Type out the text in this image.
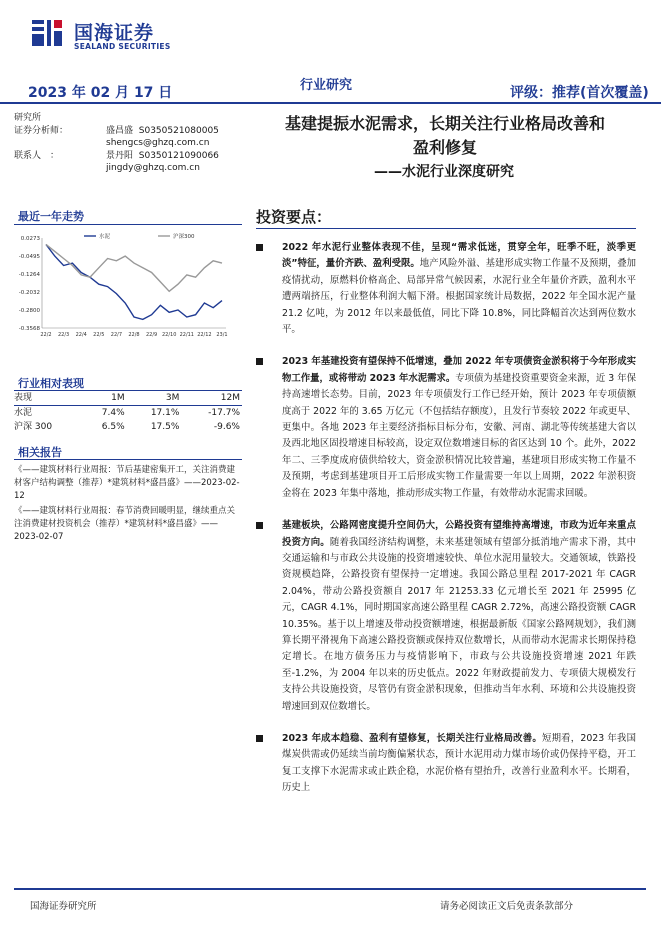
国海证券
SEALAND SECURITIES
2023 年 02 月 17 日	行业研究	评级：推荐(首次覆盖)
研究所
证券分析师：	盛昌盛 S0350521080005
shengcs@ghzq.com.cn
联系人　：	景丹阳 S0350121090066
jingdy@ghzq.com.cn
基建提振水泥需求，长期关注行业格局改善和
盈利修复
——水泥行业深度研究
最近一年走势
0.0273
-0.0495
-0.1264
-0.2032
-0.2800
-0.3568
22/2 22/3 22/4 22/5 22/7 22/8 22/9 22/10 22/11 22/12 23/1
水泥	沪深300
行业相对表现
表现	1M	3M	12M
水泥	7.4%	17.1%	-17.7%
沪深 300	6.5%	17.5%	-9.6%
相关报告
《——建筑材料行业周报：节后基建密集开工，关注消费建材客户结构调整（推荐）*建筑材料*盛昌盛》——2023-02-12
《——建筑材料行业周报：春节消费回暖明显，继续重点关注消费建材投资机会（推荐）*建筑材料*盛昌盛》——2023-02-07
投资要点：
2022 年水泥行业整体表现不佳，呈现“需求低迷，贯穿全年，旺季不旺，淡季更淡”特征，量价齐跌、盈利受限。地产风险外溢、基建形成实物工作量不及预期，叠加疫情扰动，原燃料价格高企、局部异常气候因素，水泥行业全年量价齐跌，盈利水平遭两端挤压，行业整体利润大幅下滑。根据国家统计局数据，2022 年全国水泥产量 21.2 亿吨，为 2012 年以来最低值，同比下降 10.8%，同比降幅首次达到两位数水平。
2023 年基建投资有望保持不低增速，叠加 2022 年专项债资金淤积将于今年形成实物工作量，或将带动 2023 年水泥需求。专项债为基建投资重要资金来源，近 3 年保持高速增长态势。目前，2023 年专项债发行工作已经开始，预计 2023 年专项债额度高于 2022 年的 3.65 万亿元（不包括结存额度），且发行节奏较 2022 年或更早、更集中。各地 2023 年主要经济指标目标分布，安徽、河南、湖北等传统基建大省以及西北地区固投增速目标较高，设定双位数增速目标的省区达到 10 个。此外，2022 年二、三季度成府债供给较大，资金淤积情况比较普遍，基建项目形成实物工作量不及预期，考虑到基建项目开工后形成实物工作量需要一年以上周期，2022 年淤积资金将在 2023 年集中落地，推动形成实物工作量，有效带动水泥需求回暖。
基建板块，公路网密度提升空间仍大，公路投资有望维持高增速，市政为近年来重点投资方向。随着我国经济结构调整，未来基建领域有望部分抵消地产需求下滑，其中交通运输和与市政公共设施的投资增速较快、单位水泥用量较大。交通领域，铁路投资规模趋降，公路投资有望保持一定增速。我国公路总里程 2017-2021 年 CAGR 2.04%，带动公路投资额自 2017 年 21253.33 亿元增长至 2021 年 25995 亿元，CAGR 4.1%，同时期国家高速公路里程 CAGR 2.72%，高速公路投资额 CAGR 10.35%。基于以上增速及带动投资额增速，根据最新版《国家公路网规划》，我们测算长期平滑视角下高速公路投资额或保持双位数增长，从而带动水泥需求长期保持稳定增长。在地方债务压力与疫情影响下，市政与公共设施投资增速 2021 年跌至-1.2%，为 2004 年以来的历史低点。2022 年财政提前发力、专项债大规模发行支持公共设施投资，尽管仍有资金淤积现象，但推动当年水利、环境和公共设施投资增速回到双位数增长。
2023 年成本趋稳、盈利有望修复，长期关注行业格局改善。短期看，2023 年我国煤炭供需或仍延续当前均衡偏紧状态，预计水泥用动力煤市场价或仍保持平稳，开工复工支撑下水泥需求或止跌企稳，水泥价格有望抬升，改善行业盈利水平。长期看，历史上
国海证券研究所	请务必阅读正文后免责条款部分
